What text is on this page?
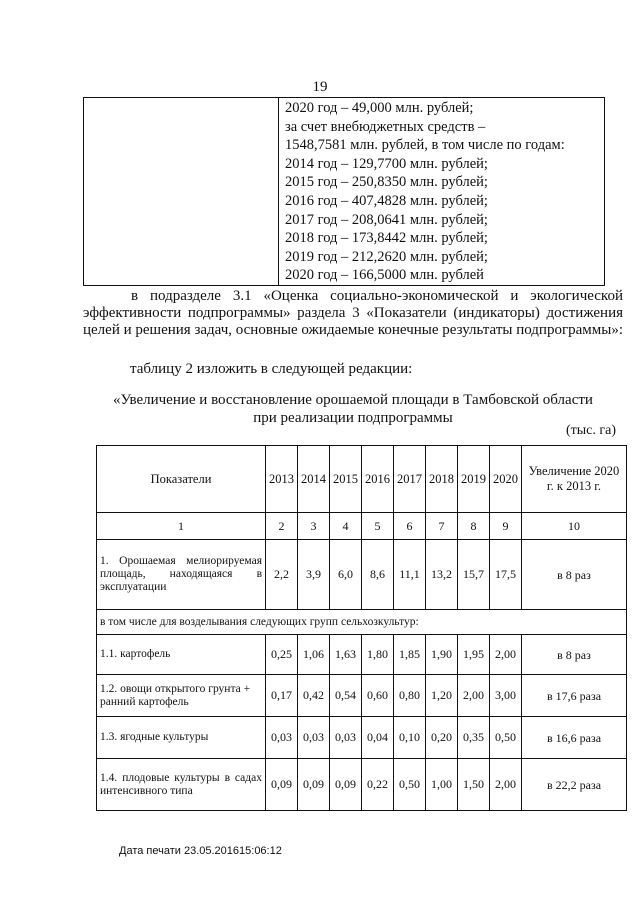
19

2020 год – 49,000 млн. рублей;
за счет внебюджетных средств –
1548,7581 млн. рублей, в том числе по годам:
2014 год – 129,7700 млн. рублей;
2015 год – 250,8350 млн. рублей;
2016 год – 407,4828 млн. рублей;
2017 год – 208,0641 млн. рублей;
2018 год – 173,8442 млн. рублей;
2019 год – 212,2620 млн. рублей;
2020 год – 166,5000 млн. рублей
в подразделе 3.1 «Оценка социально-экономической и экологической эффективности подпрограммы» раздела 3 «Показатели (индикаторы) достижения целей и решения задач, основные ожидаемые конечные результаты подпрограммы»:
таблицу 2 изложить в следующей редакции:
«Увеличение и восстановление орошаемой площади в Тамбовской области
при реализации подпрограммы
(тыс. га)
Показатели	2013	2014	2015	2016	2017	2018	2019	2020	Увеличение 2020 г. к 2013 г.
1	2	3	4	5	6	7	8	9	10
1. Орошаемая мелиорируемая площадь, находящаяся в эксплуатации	2,2	3,9	6,0	8,6	11,1	13,2	15,7	17,5	в 8 раз
в том числе для возделывания следующих групп сельхозкультур:									
1.1. картофель	0,25	1,06	1,63	1,80	1,85	1,90	1,95	2,00	в 8 раз
1.2. овощи открытого грунта + ранний картофель	0,17	0,42	0,54	0,60	0,80	1,20	2,00	3,00	в 17,6 раза
1.3. ягодные культуры	0,03	0,03	0,03	0,04	0,10	0,20	0,35	0,50	в 16,6 раза
1.4. плодовые культуры в садах интенсивного типа	0,09	0,09	0,09	0,22	0,50	1,00	1,50	2,00	в 22,2 раза
Дата печати 23.05.201615:06:12
